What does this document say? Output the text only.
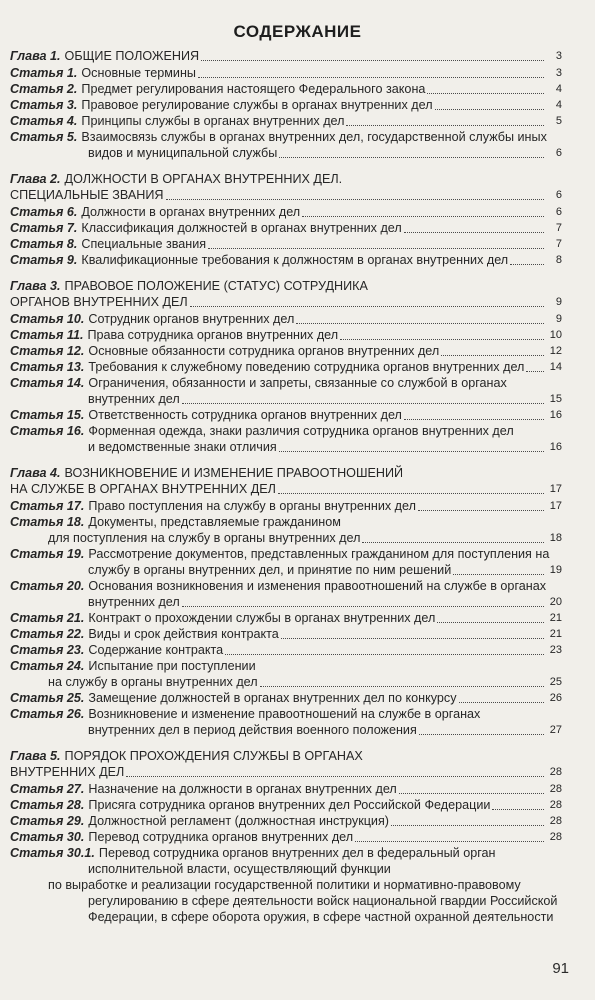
СОДЕРЖАНИЕ
Глава 1. ОБЩИЕ ПОЛОЖЕНИЯ	3
Статья 1. Основные термины	3
Статья 2. Предмет регулирования настоящего Федерального закона	4
Статья 3. Правовое регулирование службы в органах внутренних дел	4
Статья 4. Принципы службы в органах внутренних дел	5
Статья 5. Взаимосвязь службы в органах внутренних дел, государственной службы иных
видов и муниципальной службы	6
Глава 2. ДОЛЖНОСТИ В ОРГАНАХ ВНУТРЕННИХ ДЕЛ.
СПЕЦИАЛЬНЫЕ ЗВАНИЯ	6
Статья 6. Должности в органах внутренних дел	6
Статья 7. Классификация должностей в органах внутренних дел	7
Статья 8. Специальные звания	7
Статья 9. Квалификационные требования к должностям в органах внутренних дел	8
Глава 3. ПРАВОВОЕ ПОЛОЖЕНИЕ (СТАТУС) СОТРУДНИКА
ОРГАНОВ ВНУТРЕННИХ ДЕЛ	9
Статья 10. Сотрудник органов внутренних дел	9
Статья 11. Права сотрудника органов внутренних дел	10
Статья 12. Основные обязанности сотрудника органов внутренних дел	12
Статья 13. Требования к служебному поведению сотрудника органов внутренних дел	14
Статья 14. Ограничения, обязанности и запреты, связанные со службой в органах
внутренних дел	15
Статья 15. Ответственность сотрудника органов внутренних дел	16
Статья 16. Форменная одежда, знаки различия сотрудника органов внутренних дел
и ведомственные знаки отличия	16
Глава 4. ВОЗНИКНОВЕНИЕ И ИЗМЕНЕНИЕ ПРАВООТНОШЕНИЙ
НА СЛУЖБЕ В ОРГАНАХ ВНУТРЕННИХ ДЕЛ	17
Статья 17. Право поступления на службу в органы внутренних дел	17
Статья 18. Документы, представляемые гражданином
для поступления на службу в органы внутренних дел	18
Статья 19. Рассмотрение документов, представленных гражданином для поступления на
службу в органы внутренних дел, и принятие по ним решений	19
Статья 20. Основания возникновения и изменения правоотношений на службе в органах
внутренних дел	20
Статья 21. Контракт о прохождении службы в органах внутренних дел	21
Статья 22. Виды и срок действия контракта	21
Статья 23. Содержание контракта	23
Статья 24. Испытание при поступлении
на службу в органы внутренних дел	25
Статья 25. Замещение должностей в органах внутренних дел по конкурсу	26
Статья 26. Возникновение и изменение правоотношений на службе в органах
внутренних дел в период действия военного положения	27
Глава 5. ПОРЯДОК ПРОХОЖДЕНИЯ СЛУЖБЫ В ОРГАНАХ
ВНУТРЕННИХ ДЕЛ	28
Статья 27. Назначение на должности в органах внутренних дел	28
Статья 28. Присяга сотрудника органов внутренних дел Российской Федерации	28
Статья 29. Должностной регламент (должностная инструкция)	28
Статья 30. Перевод сотрудника органов внутренних дел	28
Статья 30.1. Перевод сотрудника органов внутренних дел в федеральный орган
исполнительной власти, осуществляющий функции
по выработке и реализации государственной политики и нормативно-правовому
регулированию в сфере деятельности войск национальной гвардии Российской
Федерации, в сфере оборота оружия, в сфере частной охранной деятельности
91
